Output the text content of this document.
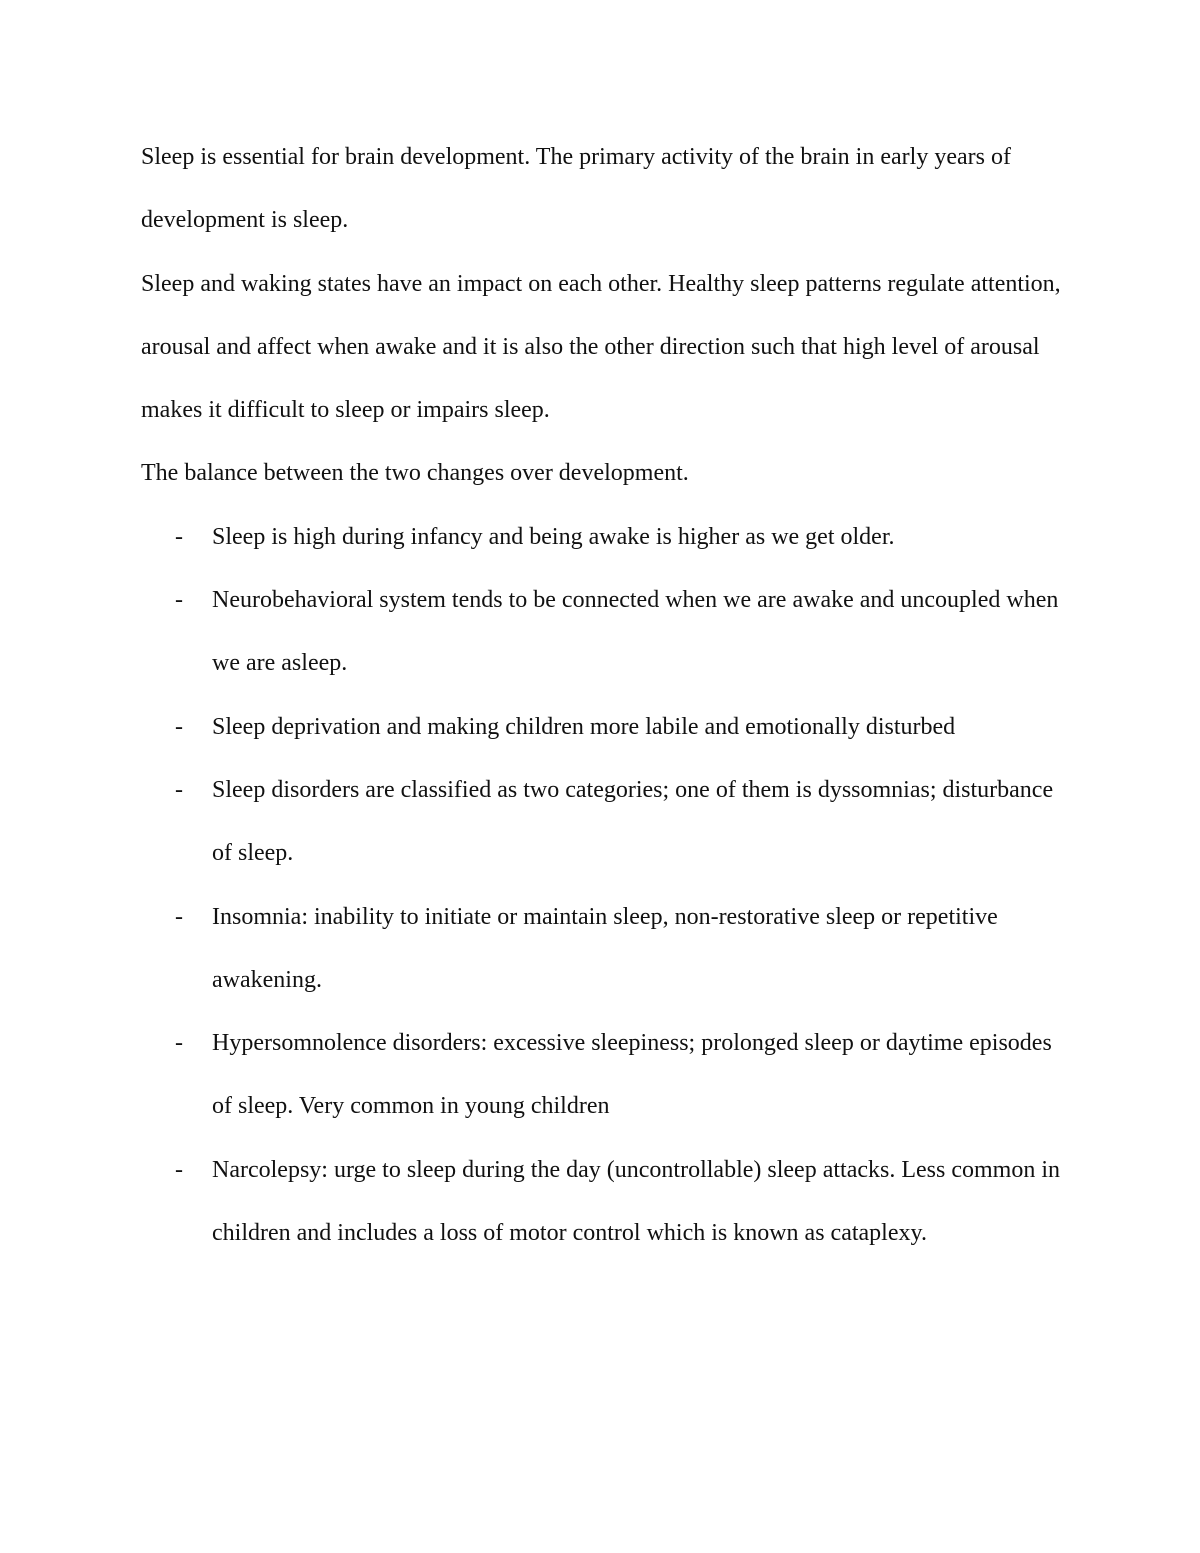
Sleep is essential for brain development. The primary activity of the brain in early years of development is sleep.

Sleep and waking states have an impact on each other. Healthy sleep patterns regulate attention, arousal and affect when awake and it is also the other direction such that high level of arousal makes it difficult to sleep or impairs sleep.

The balance between the two changes over development.

- Sleep is high during infancy and being awake is higher as we get older.
- Neurobehavioral system tends to be connected when we are awake and uncoupled when we are asleep.
- Sleep deprivation and making children more labile and emotionally disturbed
- Sleep disorders are classified as two categories; one of them is dyssomnias; disturbance of sleep.
- Insomnia: inability to initiate or maintain sleep, non-restorative sleep or repetitive awakening.
- Hypersomnolence disorders: excessive sleepiness; prolonged sleep or daytime episodes of sleep. Very common in young children
- Narcolepsy: urge to sleep during the day (uncontrollable) sleep attacks. Less common in children and includes a loss of motor control which is known as cataplexy.
